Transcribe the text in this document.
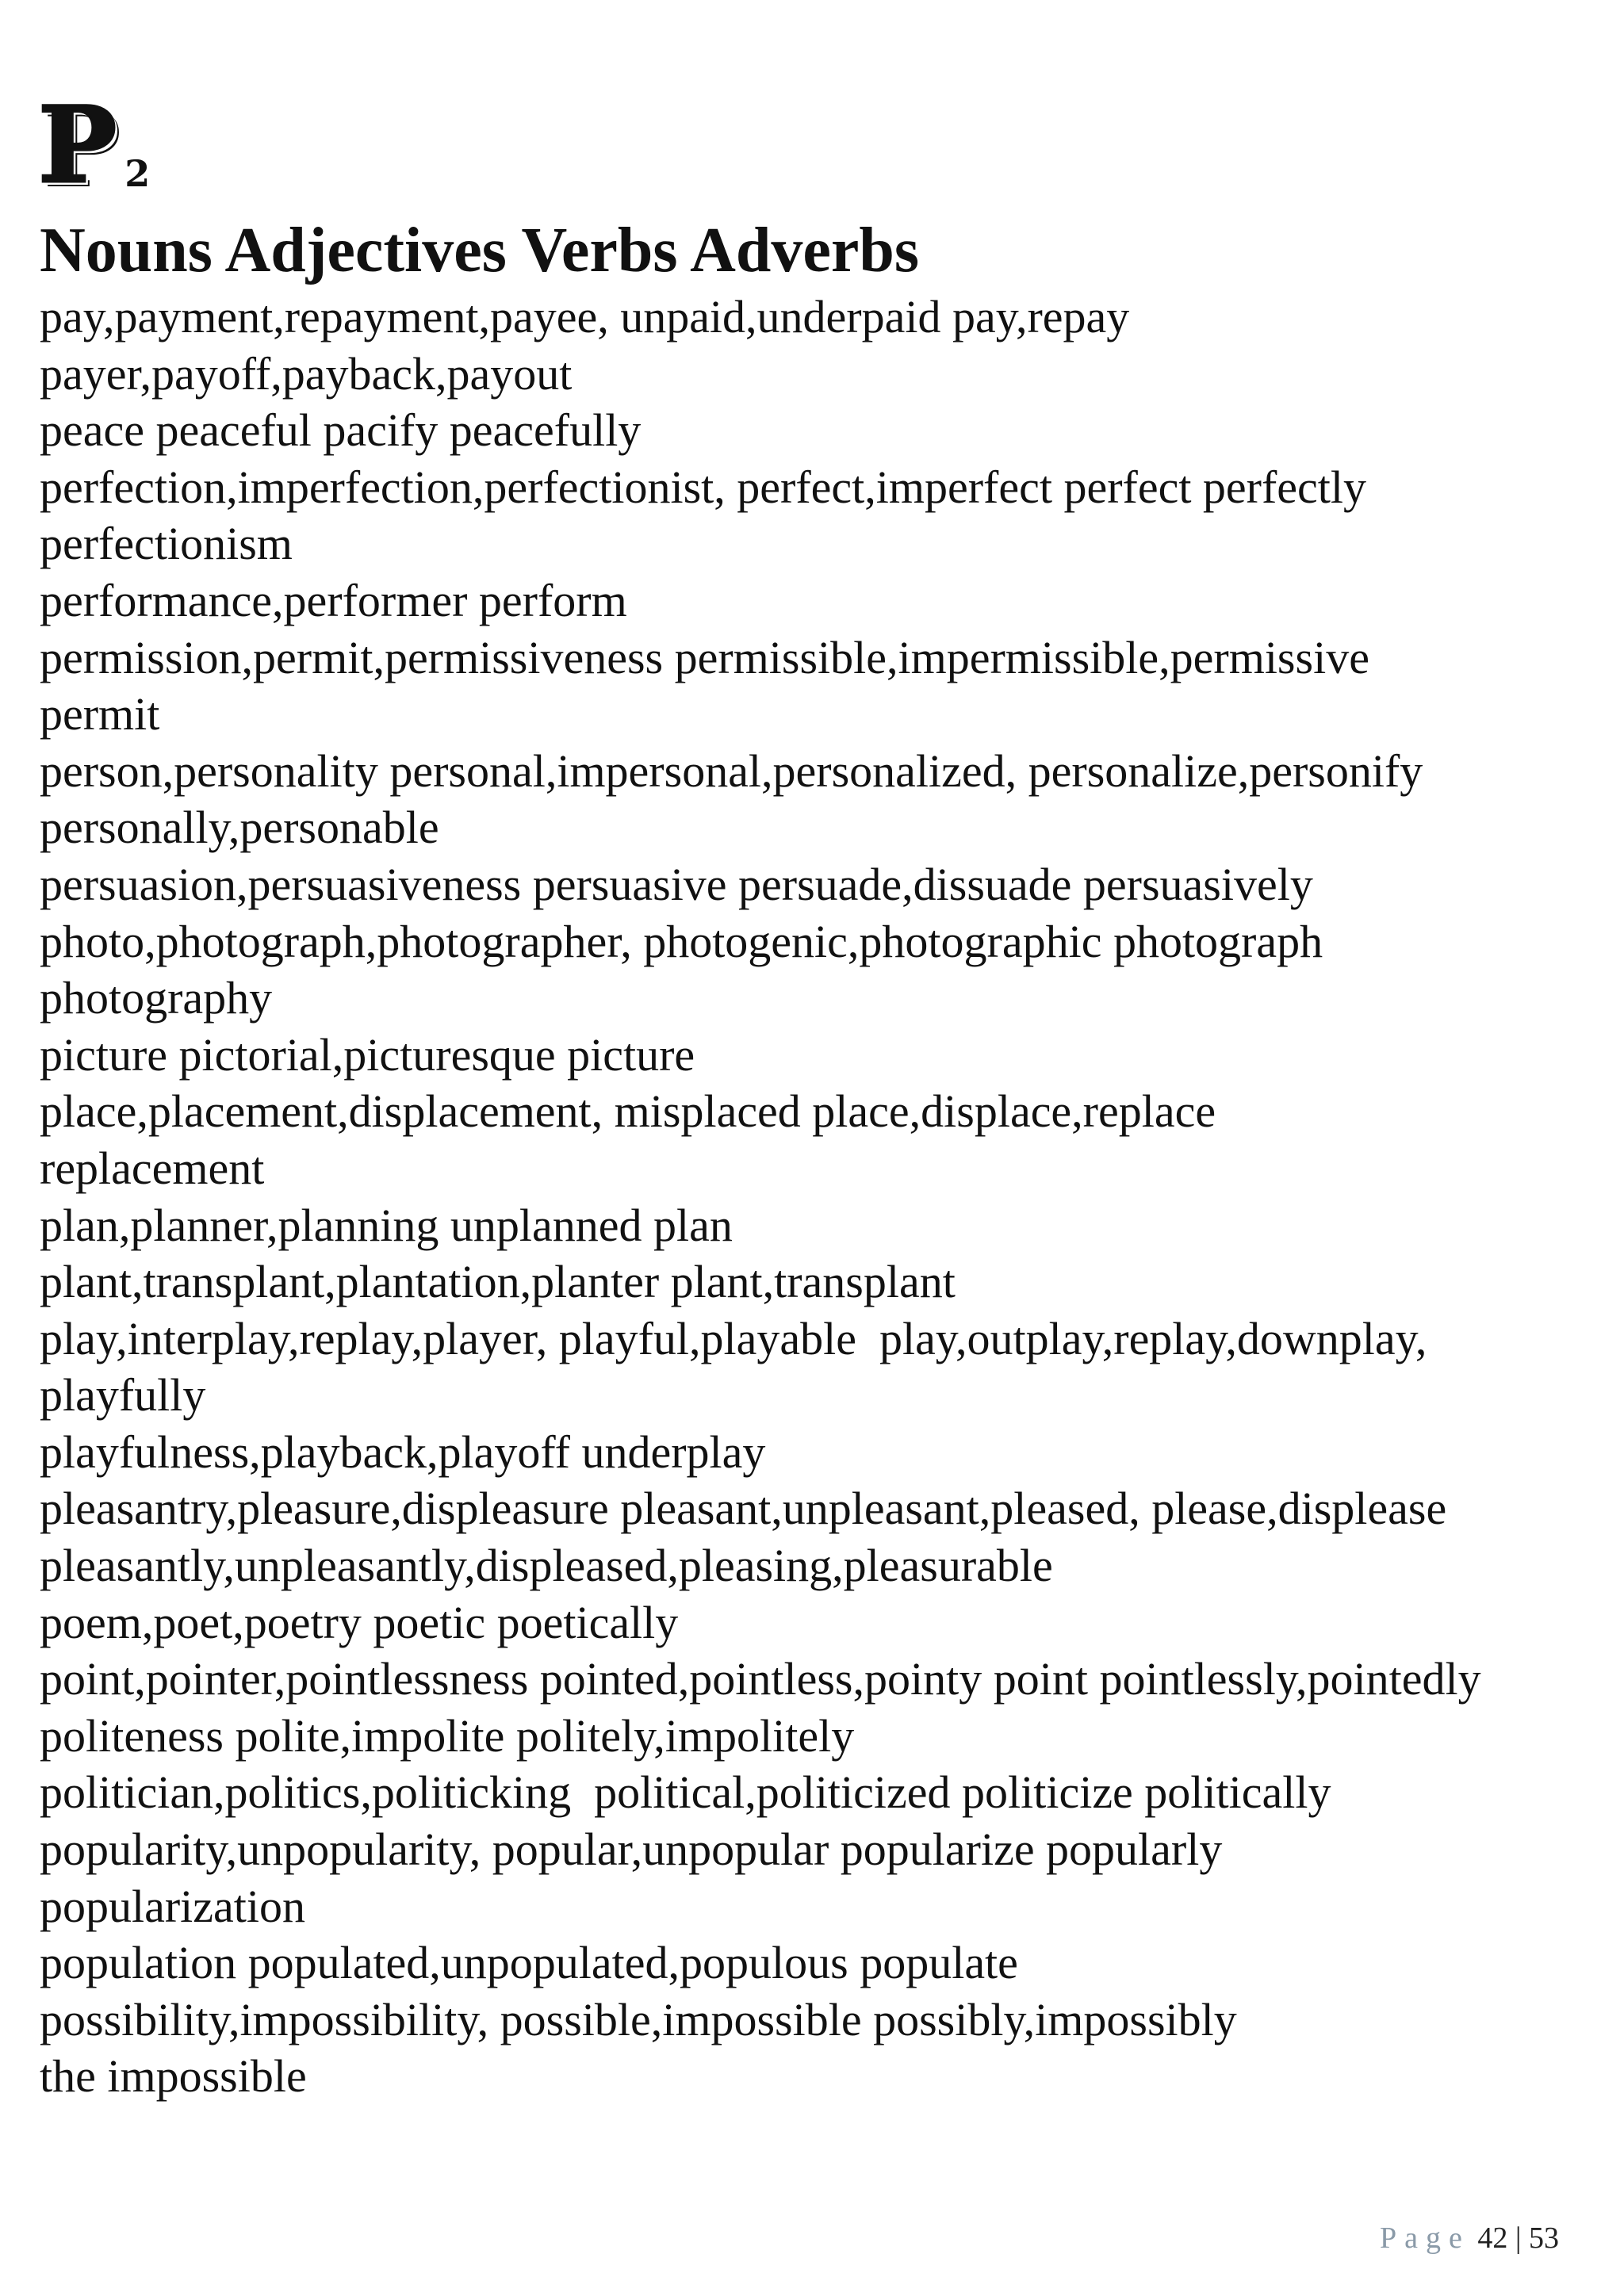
P 2
Nouns Adjectives Verbs Adverbs
pay,payment,repayment,payee, unpaid,underpaid pay,repay
payer,payoff,payback,payout
peace peaceful pacify peacefully
perfection,imperfection,perfectionist, perfect,imperfect perfect perfectly
perfectionism
performance,performer perform
permission,permit,permissiveness permissible,impermissible,permissive
permit
person,personality personal,impersonal,personalized, personalize,personify
personally,personable
persuasion,persuasiveness persuasive persuade,dissuade persuasively
photo,photograph,photographer, photogenic,photographic photograph
photography
picture pictorial,picturesque picture
place,placement,displacement, misplaced place,displace,replace
replacement
plan,planner,planning unplanned plan
plant,transplant,plantation,planter plant,transplant
play,interplay,replay,player, playful,playable  play,outplay,replay,downplay,
playfully
playfulness,playback,playoff underplay
pleasantry,pleasure,displeasure pleasant,unpleasant,pleased, please,displease
pleasantly,unpleasantly,displeased,pleasing,pleasurable
poem,poet,poetry poetic poetically
point,pointer,pointlessness pointed,pointless,pointy point pointlessly,pointedly
politeness polite,impolite politely,impolitely
politician,politics,politicking  political,politicized politicize politically
popularity,unpopularity, popular,unpopular popularize popularly
popularization
population populated,unpopulated,populous populate
possibility,impossibility, possible,impossible possibly,impossibly
the impossible
Page 42 | 53
